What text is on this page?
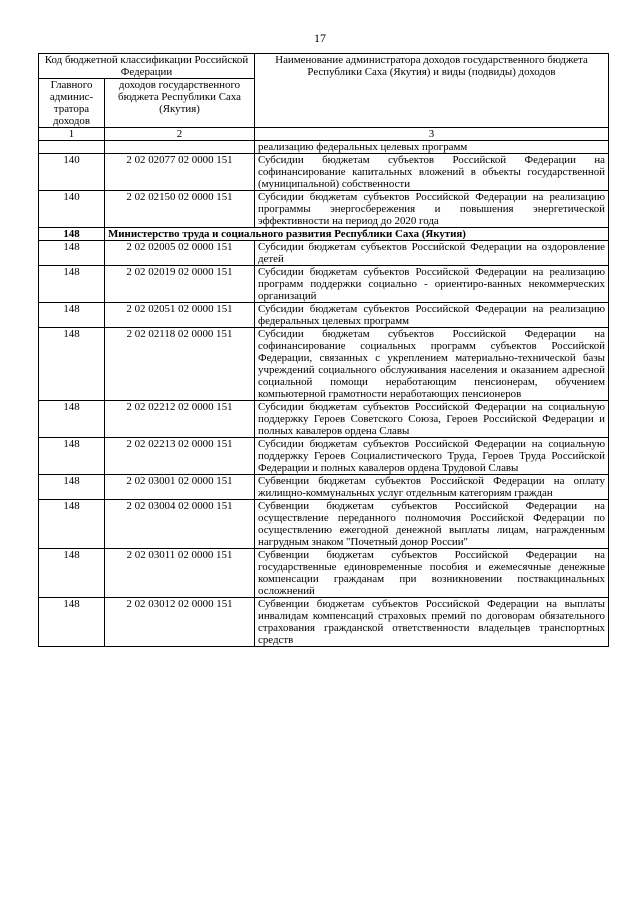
17
Код бюджетной классификации Российской Федерации		Наименование администратора доходов государственного бюджета Республики Саха (Якутия) и виды (подвиды) доходов
Главного админис-тратора доходов	доходов государственного бюджета Республики Саха (Якутия)	
1	2	3
		реализацию федеральных целевых программ
140	2 02 02077 02 0000 151	Субсидии бюджетам субъектов Российской Федерации на софинансирование капитальных вложений в объекты государственной (муниципальной) собственности
140	2 02 02150 02 0000 151	Субсидии бюджетам субъектов Российской Федерации на реализацию программы энергосбережения и повышения энергетической эффективности на период до 2020 года
148	Министерство труда и социального развития Республики Саха (Якутия)	
148	2 02 02005 02 0000 151	Субсидии бюджетам субъектов Российской Федерации на оздоровление детей
148	2 02 02019 02 0000 151	Субсидии бюджетам субъектов Российской Федерации на реализацию программ поддержки социально - ориентиро-ванных некоммерческих организаций
148	2 02 02051 02 0000 151	Субсидии бюджетам субъектов Российской Федерации на реализацию федеральных целевых программ
148	2 02 02118 02 0000 151	Субсидии бюджетам субъектов Российской Федерации на софинансирование социальных программ субъектов Российской Федерации, связанных с укреплением материально-технической базы учреждений социального обслуживания населения и оказанием адресной социальной помощи неработающим пенсионерам, обучением компьютерной грамотности неработающих пенсионеров
148	2 02 02212 02 0000 151	Субсидии бюджетам субъектов Российской Федерации на социальную поддержку Героев Советского Союза, Героев Российской Федерации и полных кавалеров ордена Славы
148	2 02 02213 02 0000 151	Субсидии бюджетам субъектов Российской Федерации на социальную поддержку Героев Социалистического Труда, Героев Труда Российской Федерации и полных кавалеров ордена Трудовой Славы
148	2 02 03001 02 0000 151	Субвенции бюджетам субъектов Российской Федерации на оплату жилищно-коммунальных услуг отдельным категориям граждан
148	2 02 03004 02 0000 151	Субвенции бюджетам субъектов Российской Федерации на осуществление переданного полномочия Российской Федерации по осуществлению ежегодной денежной выплаты лицам, награжденным нагрудным знаком "Почетный донор России"
148	2 02 03011 02 0000 151	Субвенции бюджетам субъектов Российской Федерации на государственные единовременные пособия и ежемесячные денежные компенсации гражданам при возникновении поствакцинальных осложнений
148	2 02 03012 02 0000 151	Субвенции бюджетам субъектов Российской Федерации на выплаты инвалидам компенсаций страховых премий по договорам обязательного страхования гражданской ответственности владельцев транспортных средств
